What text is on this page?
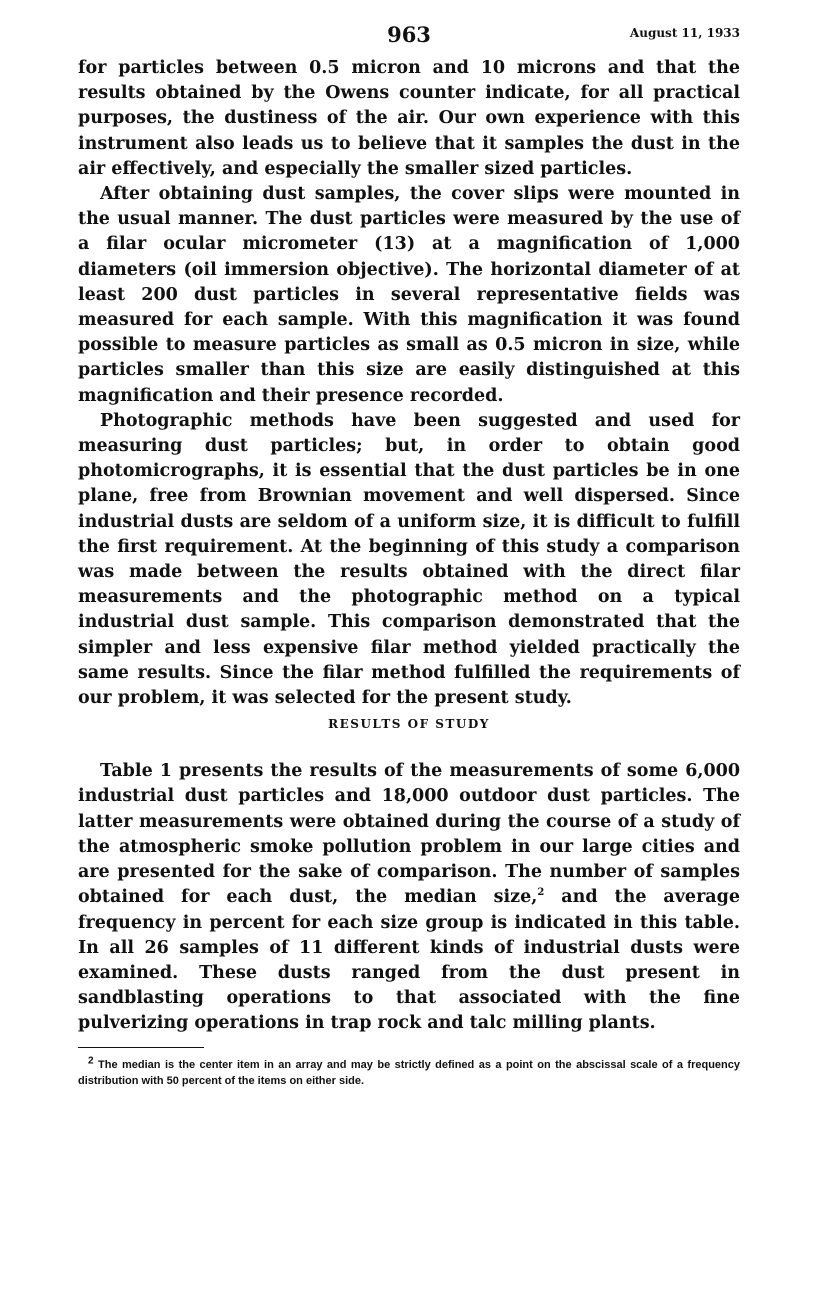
963	August 11, 1933

for particles between 0.5 micron and 10 microns and that the results obtained by the Owens counter indicate, for all practical purposes, the dustiness of the air. Our own experience with this instrument also leads us to believe that it samples the dust in the air effectively, and especially the smaller sized particles.

After obtaining dust samples, the cover slips were mounted in the usual manner. The dust particles were measured by the use of a filar ocular micrometer (13) at a magnification of 1,000 diameters (oil immersion objective). The horizontal diameter of at least 200 dust particles in several representative fields was measured for each sample. With this magnification it was found possible to measure particles as small as 0.5 micron in size, while particles smaller than this size are easily distinguished at this magnification and their presence recorded.

Photographic methods have been suggested and used for measuring dust particles; but, in order to obtain good photomicrographs, it is essential that the dust particles be in one plane, free from Brownian movement and well dispersed. Since industrial dusts are seldom of a uniform size, it is difficult to fulfill the first requirement. At the beginning of this study a comparison was made between the results obtained with the direct filar measurements and the photographic method on a typical industrial dust sample. This comparison demonstrated that the simpler and less expensive filar method yielded practically the same results. Since the filar method fulfilled the requirements of our problem, it was selected for the present study.

RESULTS OF STUDY

Table 1 presents the results of the measurements of some 6,000 industrial dust particles and 18,000 outdoor dust particles. The latter measurements were obtained during the course of a study of the atmospheric smoke pollution problem in our large cities and are presented for the sake of comparison. The number of samples obtained for each dust, the median size,$^2$ and the average frequency in percent for each size group is indicated in this table. In all 26 samples of 11 different kinds of industrial dusts were examined. These dusts ranged from the dust present in sandblasting operations to that associated with the fine pulverizing operations in trap rock and talc milling plants.

$^2$ The median is the center item in an array and may be strictly defined as a point on the abscissal scale of a frequency distribution with 50 percent of the items on either side.
